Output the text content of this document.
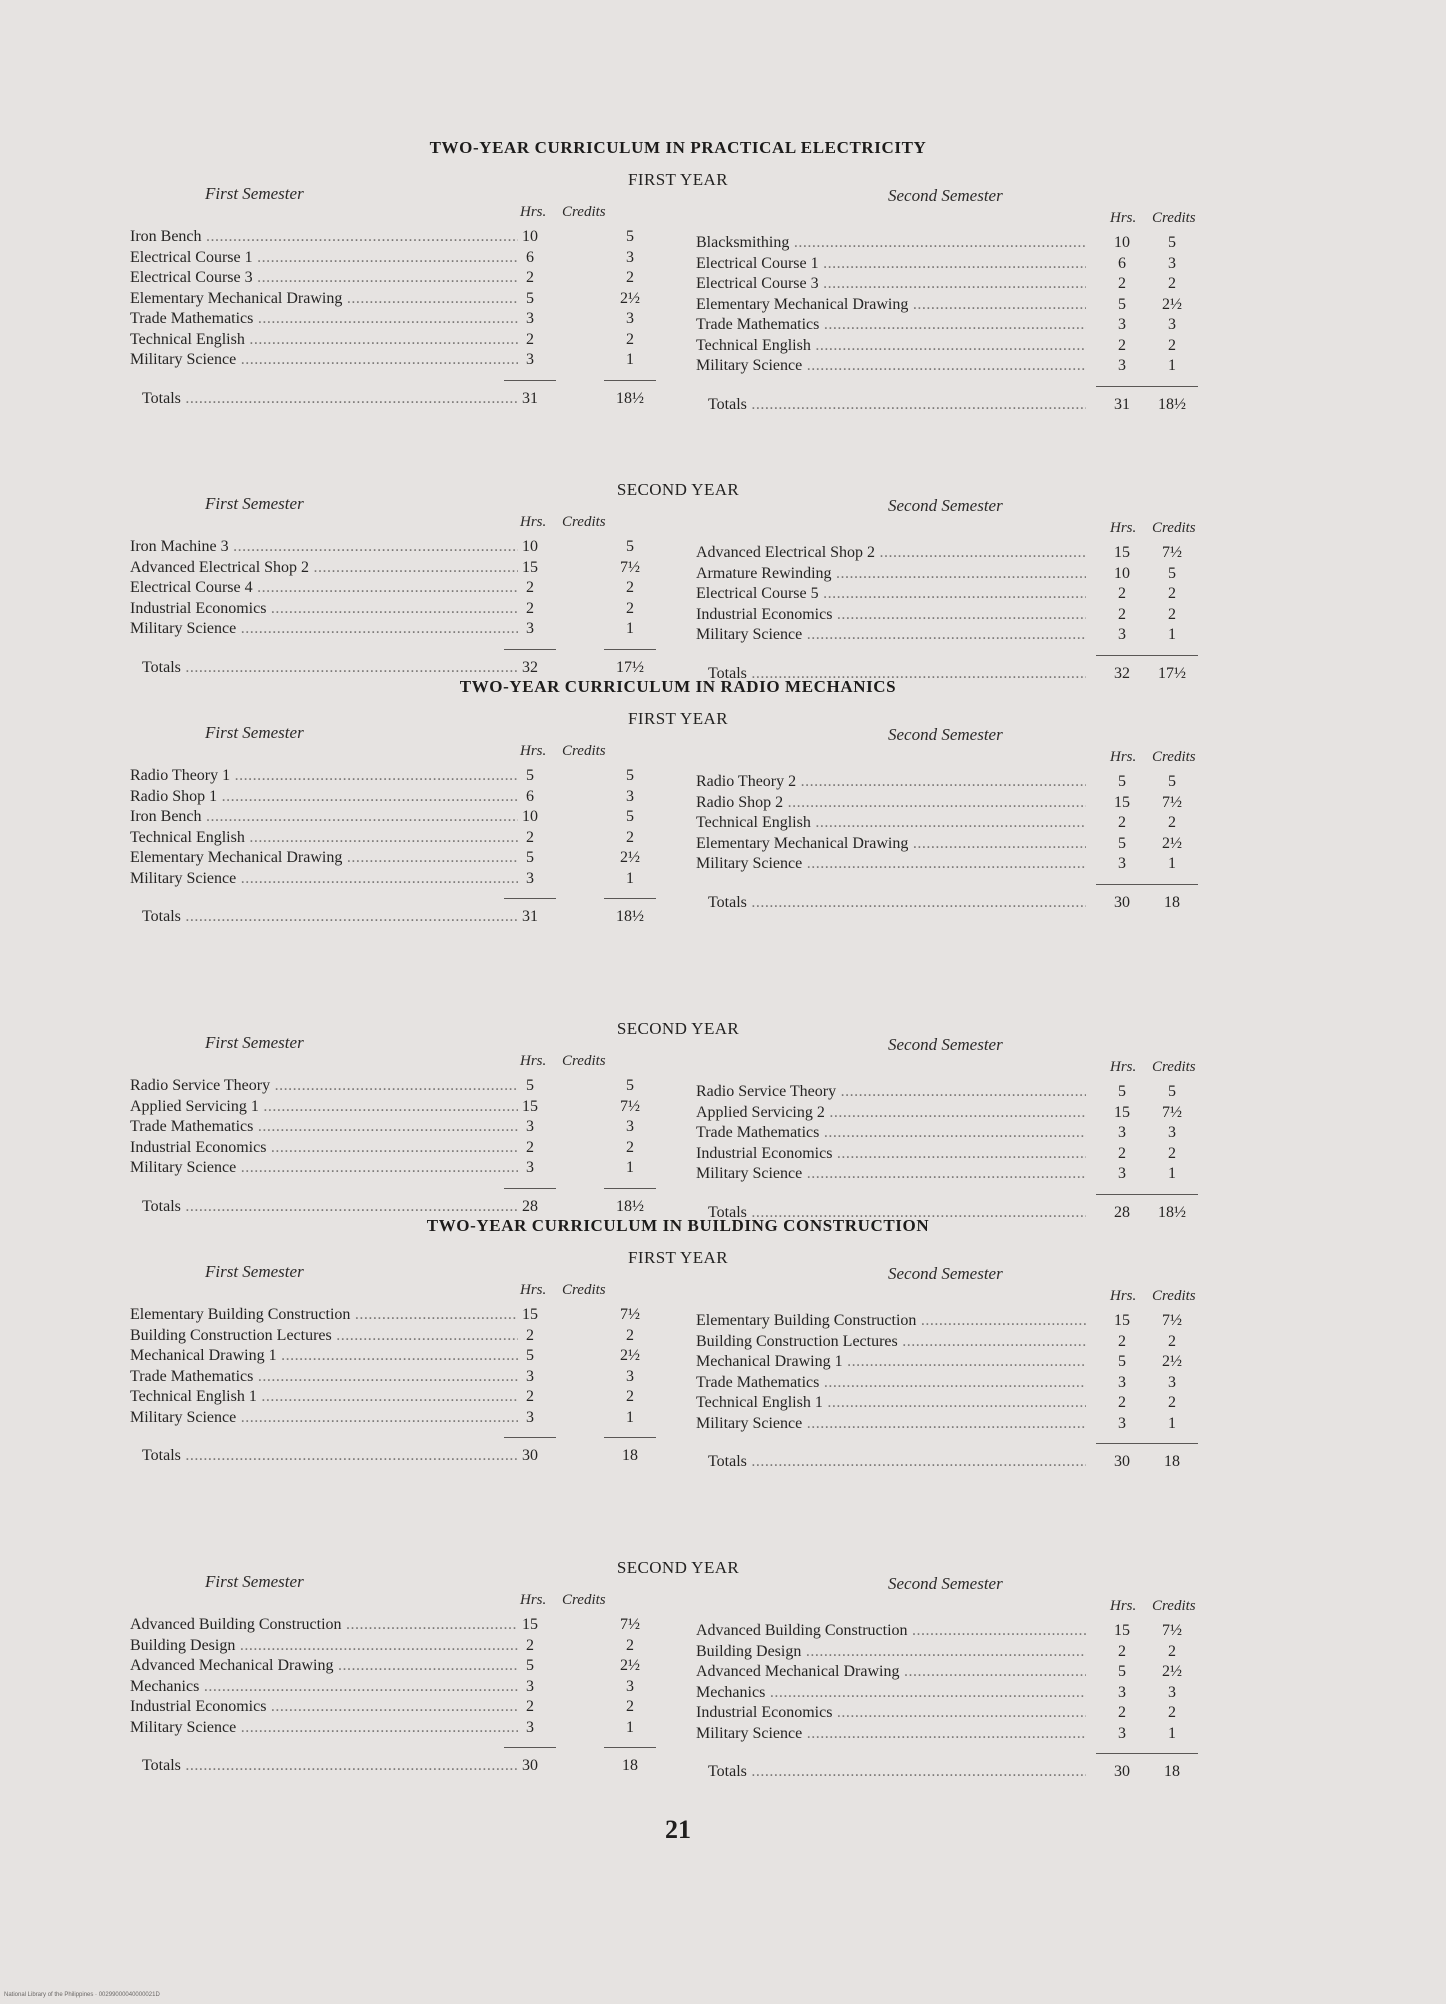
TWO-YEAR CURRICULUM IN PRACTICAL ELECTRICITY
FIRST YEAR
First Semester
Hrs. Credits
Iron Bench .....	10	5
Electrical Course 1 .....	6	3
Electrical Course 3 .....	2	2
Elementary Mechanical Drawing .....	5	2½
Trade Mathematics .....	3	3
Technical English .....	2	2
Military Science .....	3	1
Totals .....	31	18½
Second Semester
Hrs. Credits
Blacksmithing .....	10	5
Electrical Course 1 .....	6	3
Electrical Course 3 .....	2	2
Elementary Mechanical Drawing .....	5	2½
Trade Mathematics .....	3	3
Technical English .....	2	2
Military Science .....	3	1
Totals .....	31	18½
SECOND YEAR
First Semester
Hrs. Credits
Iron Machine 3 .....	10	5
Advanced Electrical Shop 2 .....	15	7½
Electrical Course 4 .....	2	2
Industrial Economics .....	2	2
Military Science .....	3	1
Totals .....	32	17½
Second Semester
Hrs. Credits
Advanced Electrical Shop 2 .....	15	7½
Armature Rewinding .....	10	5
Electrical Course 5 .....	2	2
Industrial Economics .....	2	2
Military Science .....	3	1
Totals .....	32	17½
TWO-YEAR CURRICULUM IN RADIO MECHANICS
FIRST YEAR
First Semester
Hrs. Credits
Radio Theory 1 .....	5	5
Radio Shop 1 .....	6	3
Iron Bench .....	10	5
Technical English .....	2	2
Elementary Mechanical Drawing .....	5	2½
Military Science .....	3	1
Totals .....	31	18½
Second Semester
Hrs. Credits
Radio Theory 2 .....	5	5
Radio Shop 2 .....	15	7½
Technical English .....	2	2
Elementary Mechanical Drawing .....	5	2½
Military Science .....	3	1
Totals .....	30	18
SECOND YEAR
First Semester
Hrs. Credits
Radio Service Theory .....	5	5
Applied Servicing 1 .....	15	7½
Trade Mathematics .....	3	3
Industrial Economics .....	2	2
Military Science .....	3	1
Totals .....	28	18½
Second Semester
Hrs. Credits
Radio Service Theory .....	5	5
Applied Servicing 2 .....	15	7½
Trade Mathematics .....	3	3
Industrial Economics .....	2	2
Military Science .....	3	1
Totals .....	28	18½
TWO-YEAR CURRICULUM IN BUILDING CONSTRUCTION
FIRST YEAR
First Semester
Hrs. Credits
Elementary Building Construction .....	15	7½
Building Construction Lectures .....	2	2
Mechanical Drawing 1 .....	5	2½
Trade Mathematics .....	3	3
Technical English 1 .....	2	2
Military Science .....	3	1
Totals .....	30	18
Second Semester
Hrs. Credits
Elementary Building Construction .....	15	7½
Building Construction Lectures .....	2	2
Mechanical Drawing 1 .....	5	2½
Trade Mathematics .....	3	3
Technical English 1 .....	2	2
Military Science .....	3	1
Totals .....	30	18
SECOND YEAR
First Semester
Hrs. Credits
Advanced Building Construction .....	15	7½
Building Design .....	2	2
Advanced Mechanical Drawing .....	5	2½
Mechanics .....	3	3
Industrial Economics .....	2	2
Military Science .....	3	1
Totals .....	30	18
Second Semester
Hrs. Credits
Advanced Building Construction .....	15	7½
Building Design .....	2	2
Advanced Mechanical Drawing .....	5	2½
Mechanics .....	3	3
Industrial Economics .....	2	2
Military Science .....	3	1
Totals .....	30	18
21
National Library of the Philippines · 00299000040000021D
